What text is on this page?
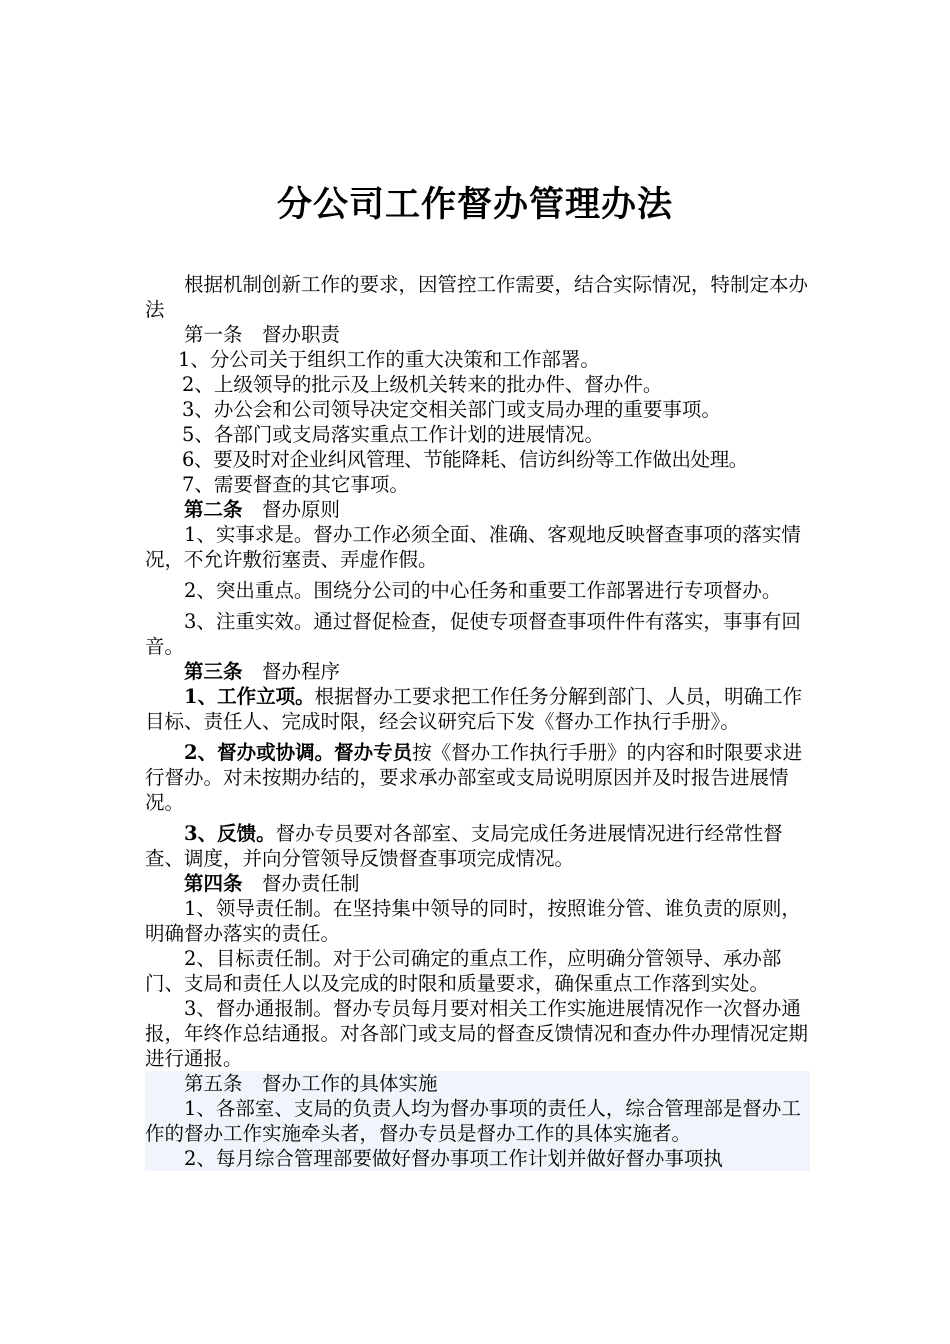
分公司工作督办管理办法

根据机制创新工作的要求，因管控工作需要，结合实际情况，特制定本办法

第一条　督办职责

1、分公司关于组织工作的重大决策和工作部署。

2、上级领导的批示及上级机关转来的批办件、督办件。

3、办公会和公司领导决定交相关部门或支局办理的重要事项。

5、各部门或支局落实重点工作计划的进展情况。

6、要及时对企业纠风管理、节能降耗、信访纠纷等工作做出处理。

7、需要督查的其它事项。

第二条　督办原则

1、实事求是。督办工作必须全面、准确、客观地反映督查事项的落实情况，不允许敷衍塞责、弄虚作假。

2、突出重点。围绕分公司的中心任务和重要工作部署进行专项督办。

3、注重实效。通过督促检查，促使专项督查事项件件有落实，事事有回音。

第三条　督办程序

1、工作立项。根据督办工要求把工作任务分解到部门、人员，明确工作目标、责任人、完成时限，经会议研究后下发《督办工作执行手册》。

2、督办或协调。督办专员按《督办工作执行手册》的内容和时限要求进行督办。对未按期办结的，要求承办部室或支局说明原因并及时报告进展情况。

3、反馈。督办专员要对各部室、支局完成任务进展情况进行经常性督查、调度，并向分管领导反馈督查事项完成情况。

第四条　督办责任制

1、领导责任制。在坚持集中领导的同时，按照谁分管、谁负责的原则，明确督办落实的责任。

2、目标责任制。对于公司确定的重点工作，应明确分管领导、承办部门、支局和责任人以及完成的时限和质量要求，确保重点工作落到实处。

3、督办通报制。督办专员每月要对相关工作实施进展情况作一次督办通报，年终作总结通报。对各部门或支局的督查反馈情况和查办件办理情况定期进行通报。

第五条　督办工作的具体实施

1、各部室、支局的负责人均为督办事项的责任人，综合管理部是督办工作的督办工作实施牵头者，督办专员是督办工作的具体实施者。

2、每月综合管理部要做好督办事项工作计划并做好督办事项执
